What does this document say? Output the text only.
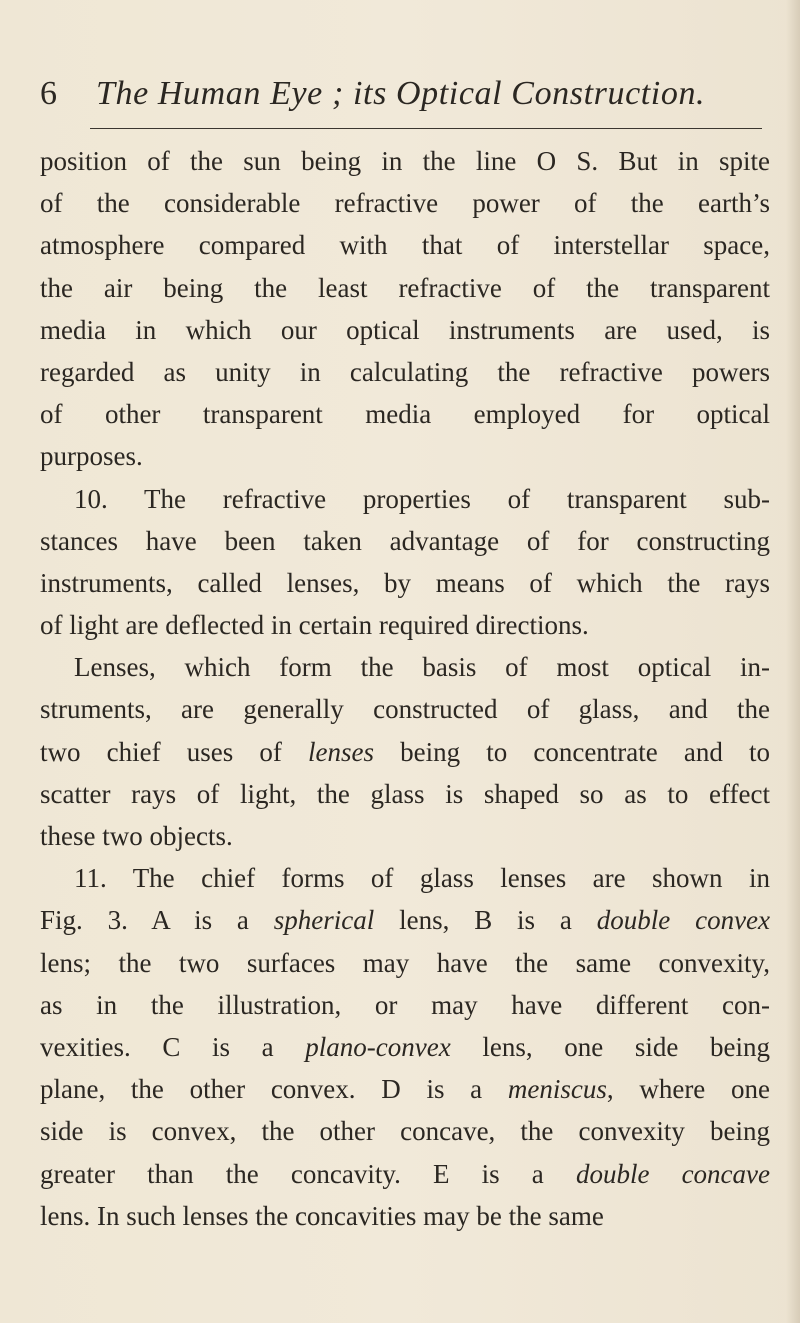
6 The Human Eye ; its Optical Construction.
position of the sun being in the line O S. But in spite
of the considerable refractive power of the earth’s
atmosphere compared with that of interstellar space,
the air being the least refractive of the transparent
media in which our optical instruments are used, is
regarded as unity in calculating the refractive powers
of other transparent media employed for optical
purposes.
10. The refractive properties of transparent sub-
stances have been taken advantage of for constructing
instruments, called lenses, by means of which the rays
of light are deflected in certain required directions.
Lenses, which form the basis of most optical in-
struments, are generally constructed of glass, and the
two chief uses of lenses being to concentrate and to
scatter rays of light, the glass is shaped so as to effect
these two objects.
11. The chief forms of glass lenses are shown in
Fig. 3. A is a spherical lens, B is a double convex
lens; the two surfaces may have the same convexity,
as in the illustration, or may have different con-
vexities. C is a plano-convex lens, one side being
plane, the other convex. D is a meniscus, where one
side is convex, the other concave, the convexity being
greater than the concavity. E is a double concave
lens. In such lenses the concavities may be the same
